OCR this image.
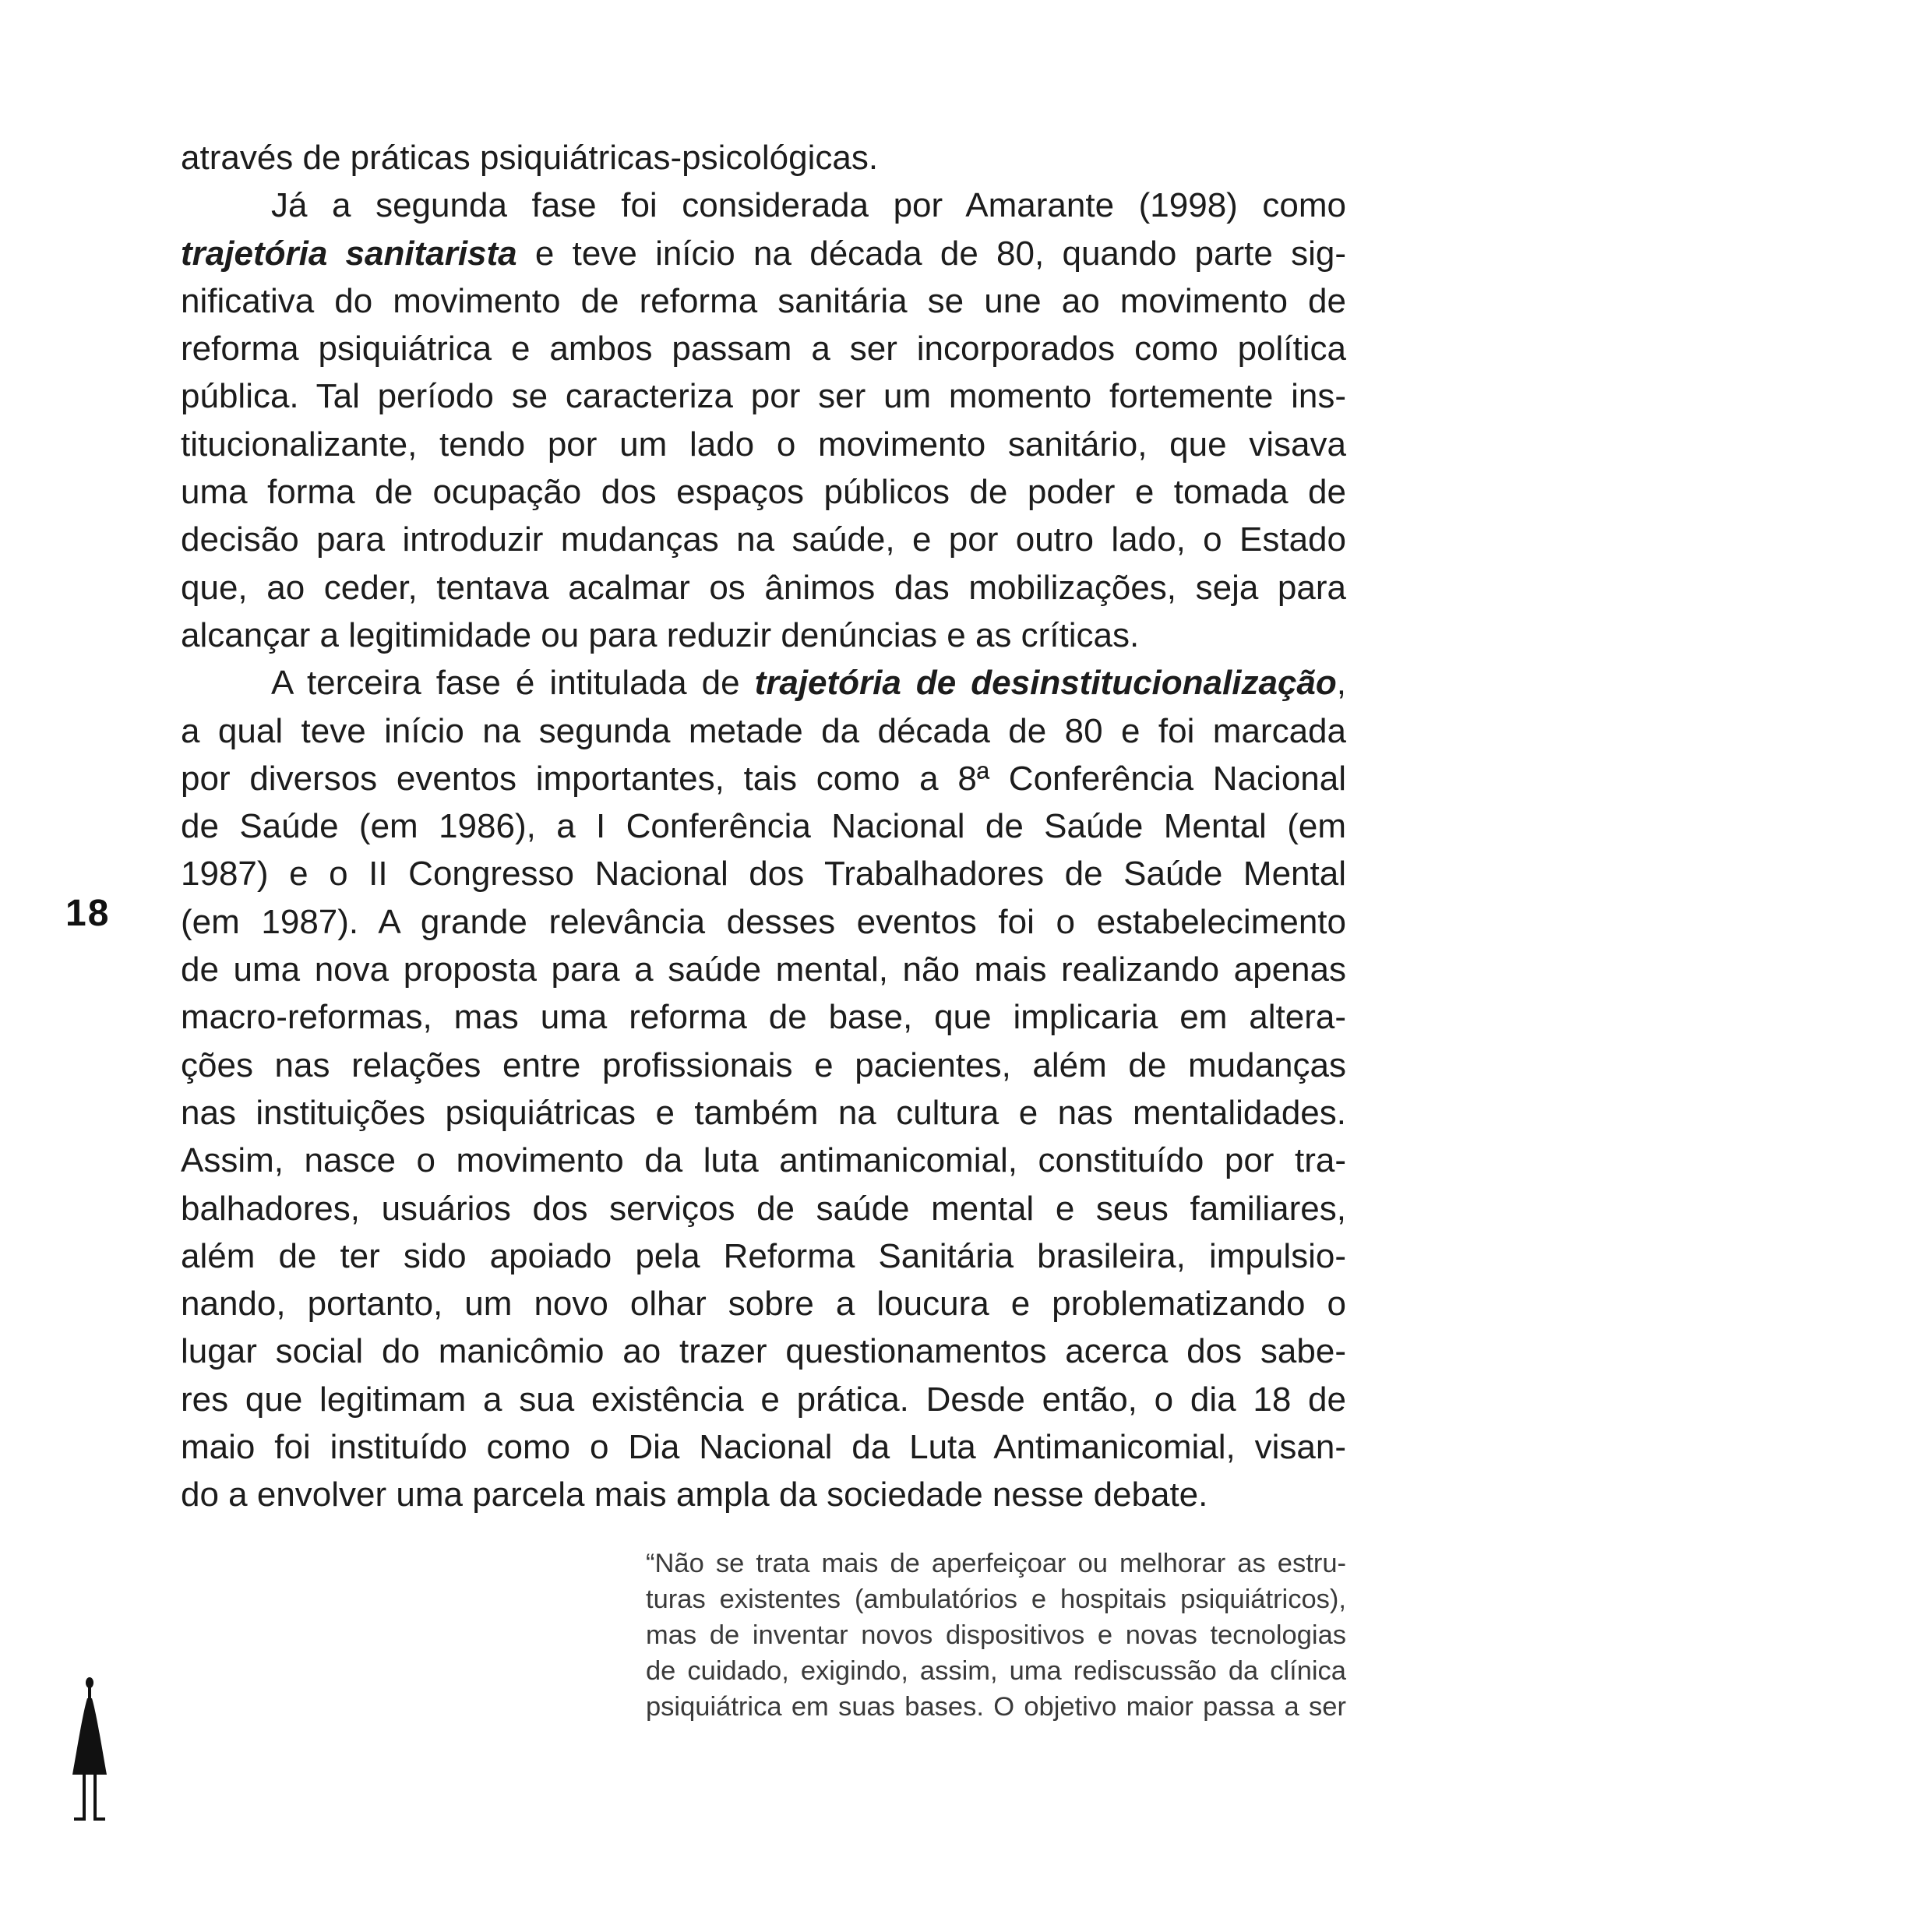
através de práticas psiquiátricas-psicológicas.
Já a segunda fase foi considerada por Amarante (1998) como
trajetória sanitarista e teve início na década de 80, quando parte sig-
nificativa do movimento de reforma sanitária se une ao movimento de
reforma psiquiátrica e ambos passam a ser incorporados como política
pública. Tal período se caracteriza por ser um momento fortemente ins-
titucionalizante, tendo por um lado o movimento sanitário, que visava
uma forma de ocupação dos espaços públicos de poder e tomada de
decisão para introduzir mudanças na saúde, e por outro lado, o Estado
que, ao ceder, tentava acalmar os ânimos das mobilizações, seja para
alcançar a legitimidade ou para reduzir denúncias e as críticas.
A terceira fase é intitulada de trajetória de desinstitucionalização,
a qual teve início na segunda metade da década de 80 e foi marcada
por diversos eventos importantes, tais como a 8ª Conferência Nacional
de Saúde (em 1986), a I Conferência Nacional de Saúde Mental (em
1987) e o II Congresso Nacional dos Trabalhadores de Saúde Mental
(em 1987). A grande relevância desses eventos foi o estabelecimento
de uma nova proposta para a saúde mental, não mais realizando apenas
macro-reformas, mas uma reforma de base, que implicaria em altera-
ções nas relações entre profissionais e pacientes, além de mudanças
nas instituições psiquiátricas e também na cultura e nas mentalidades.
Assim, nasce o movimento da luta antimanicomial, constituído por tra-
balhadores, usuários dos serviços de saúde mental e seus familiares,
além de ter sido apoiado pela Reforma Sanitária brasileira, impulsio-
nando, portanto, um novo olhar sobre a loucura e problematizando o
lugar social do manicômio ao trazer questionamentos acerca dos sabe-
res que legitimam a sua existência e prática. Desde então, o dia 18 de
maio foi instituído como o Dia Nacional da Luta Antimanicomial, visan-
do a envolver uma parcela mais ampla da sociedade nesse debate.
18
“Não se trata mais de aperfeiçoar ou melhorar as estru-
turas existentes (ambulatórios e hospitais psiquiátricos),
mas de inventar novos dispositivos e novas tecnologias
de cuidado, exigindo, assim, uma rediscussão da clínica
psiquiátrica em suas bases. O objetivo maior passa a ser
